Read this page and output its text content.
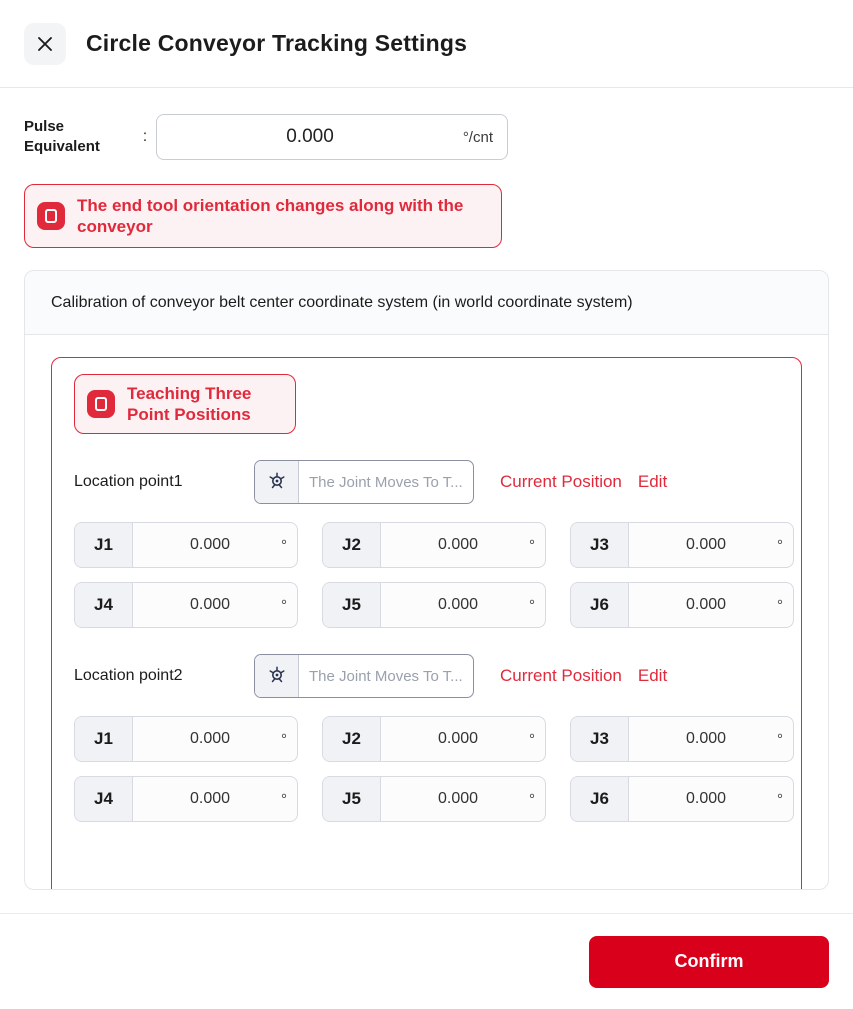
Circle Conveyor Tracking Settings
Pulse Equivalent
:	0.000	°/cnt
The end tool orientation changes along with the conveyor
Calibration of conveyor belt center coordinate system (in world coordinate system)
Teaching Three Point Positions
Location point1	The Joint Moves To T...	Current Position Edit
J1	0.000	°	J2	0.000	°	J3	0.000	°
J4	0.000	°	J5	0.000	°	J6	0.000	°
Location point2	The Joint Moves To T...	Current Position Edit
J1	0.000	°	J2	0.000	°	J3	0.000	°
J4	0.000	°	J5	0.000	°	J6	0.000	°
Confirm
